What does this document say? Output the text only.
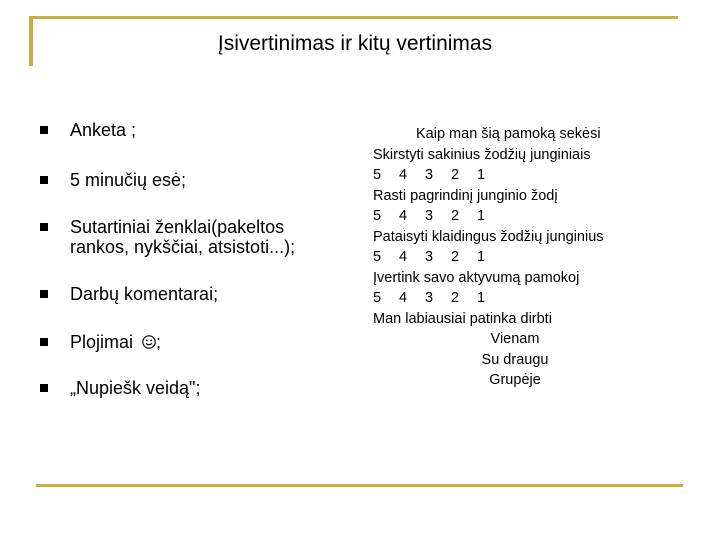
Įsivertinimas ir kitų vertinimas
Anketa ;
5 minučių esė;
Sutartiniai ženklai(pakeltos
rankos, nykščiai, atsistoti...);
Darbų komentarai;
Plojimai ;
„Nupiešk veidą";
Kaip man šią pamoką sekėsi
Skirstyti sakinius žodžių junginiais
5 4 3 2 1
Rasti pagrindinį junginio žodį
5 4 3 2 1
Pataisyti klaidingus žodžių junginius
5 4 3 2 1
Įvertink savo aktyvumą pamokoj
5 4 3 2 1
Man labiausiai patinka dirbti
Vienam
Su draugu
Grupėje
